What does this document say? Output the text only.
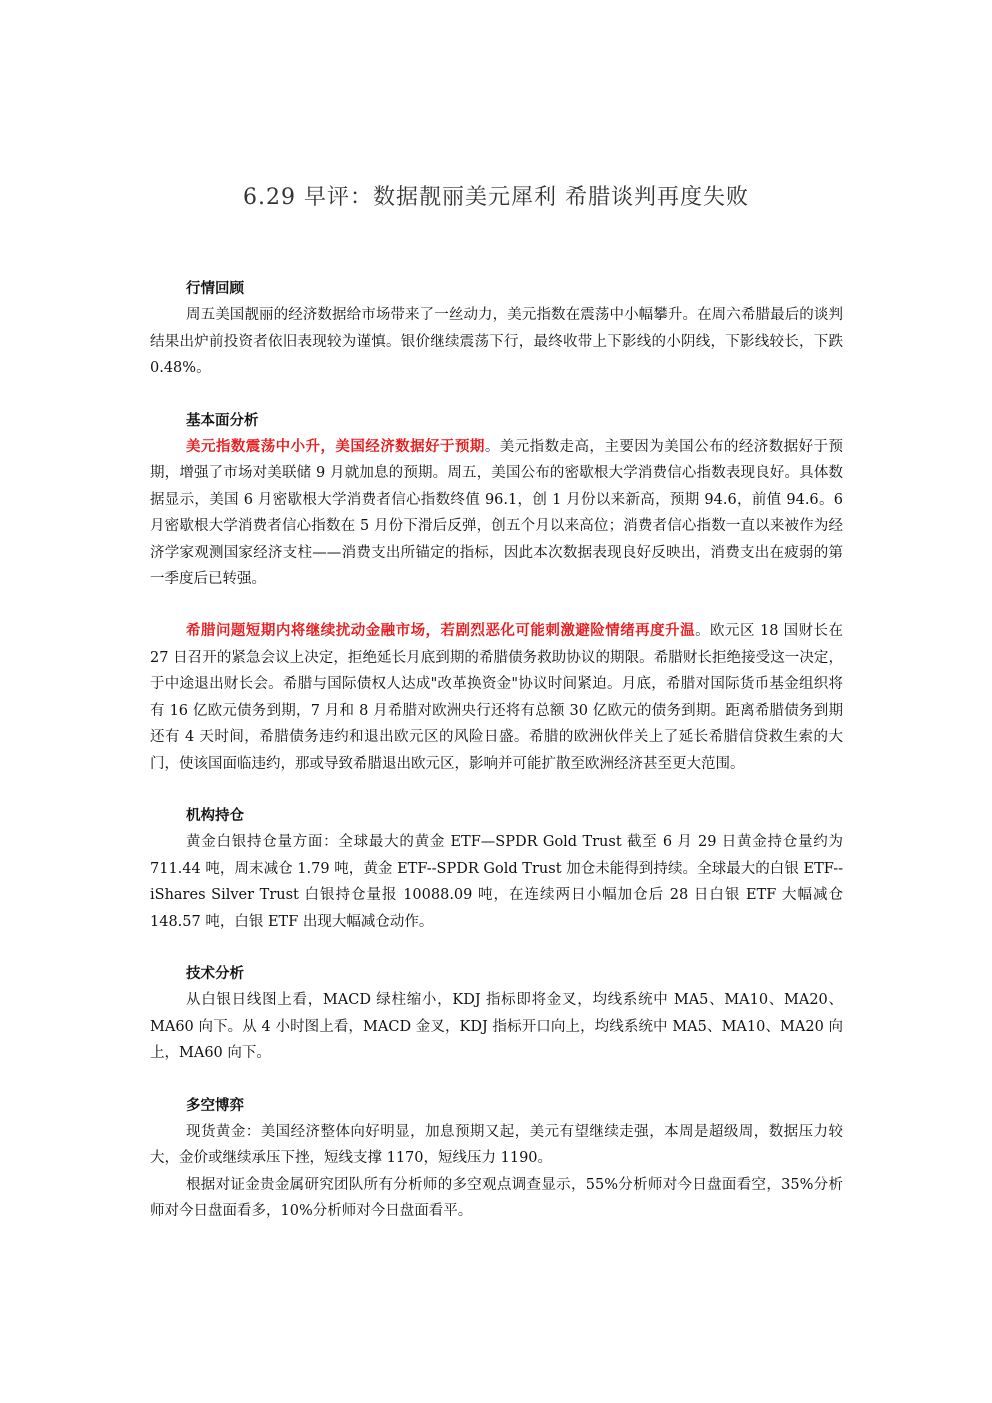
6.29 早评：数据靓丽美元犀利 希腊谈判再度失败

行情回顾

周五美国靓丽的经济数据给市场带来了一丝动力，美元指数在震荡中小幅攀升。在周六希腊最后的谈判结果出炉前投资者依旧表现较为谨慎。银价继续震荡下行，最终收带上下影线的小阴线，下影线较长，下跌 0.48%。

基本面分析

美元指数震荡中小升，美国经济数据好于预期。美元指数走高，主要因为美国公布的经济数据好于预期，增强了市场对美联储 9 月就加息的预期。周五，美国公布的密歇根大学消费信心指数表现良好。具体数据显示，美国 6 月密歇根大学消费者信心指数终值 96.1，创 1 月份以来新高，预期 94.6，前值 94.6。6 月密歇根大学消费者信心指数在 5 月份下滑后反弹，创五个月以来高位；消费者信心指数一直以来被作为经济学家观测国家经济支柱——消费支出所锚定的指标，因此本次数据表现良好反映出，消费支出在疲弱的第一季度后已转强。

希腊问题短期内将继续扰动金融市场，若剧烈恶化可能刺激避险情绪再度升温。欧元区 18 国财长在 27 日召开的紧急会议上决定，拒绝延长月底到期的希腊债务救助协议的期限。希腊财长拒绝接受这一决定，于中途退出财长会。希腊与国际债权人达成"改革换资金"协议时间紧迫。月底，希腊对国际货币基金组织将有 16 亿欧元债务到期，7 月和 8 月希腊对欧洲央行还将有总额 30 亿欧元的债务到期。距离希腊债务到期还有 4 天时间，希腊债务违约和退出欧元区的风险日盛。希腊的欧洲伙伴关上了延长希腊信贷救生索的大门，使该国面临违约，那或导致希腊退出欧元区，影响并可能扩散至欧洲经济甚至更大范围。

机构持仓

黄金白银持仓量方面：全球最大的黄金 ETF—SPDR Gold Trust 截至 6 月 29 日黄金持仓量约为 711.44 吨，周末减仓 1.79 吨，黄金 ETF--SPDR Gold Trust 加仓未能得到持续。全球最大的白银 ETF--iShares Silver Trust 白银持仓量报 10088.09 吨，在连续两日小幅加仓后 28 日白银 ETF 大幅减仓 148.57 吨，白银 ETF 出现大幅减仓动作。

技术分析

从白银日线图上看，MACD 绿柱缩小，KDJ 指标即将金叉，均线系统中 MA5、MA10、MA20、MA60 向下。从 4 小时图上看，MACD 金叉，KDJ 指标开口向上，均线系统中 MA5、MA10、MA20 向上，MA60 向下。

多空博弈

现货黄金：美国经济整体向好明显，加息预期又起，美元有望继续走强，本周是超级周，数据压力较大，金价或继续承压下挫，短线支撑 1170，短线压力 1190。

根据对证金贵金属研究团队所有分析师的多空观点调查显示，55%分析师对今日盘面看空，35%分析师对今日盘面看多，10%分析师对今日盘面看平。
